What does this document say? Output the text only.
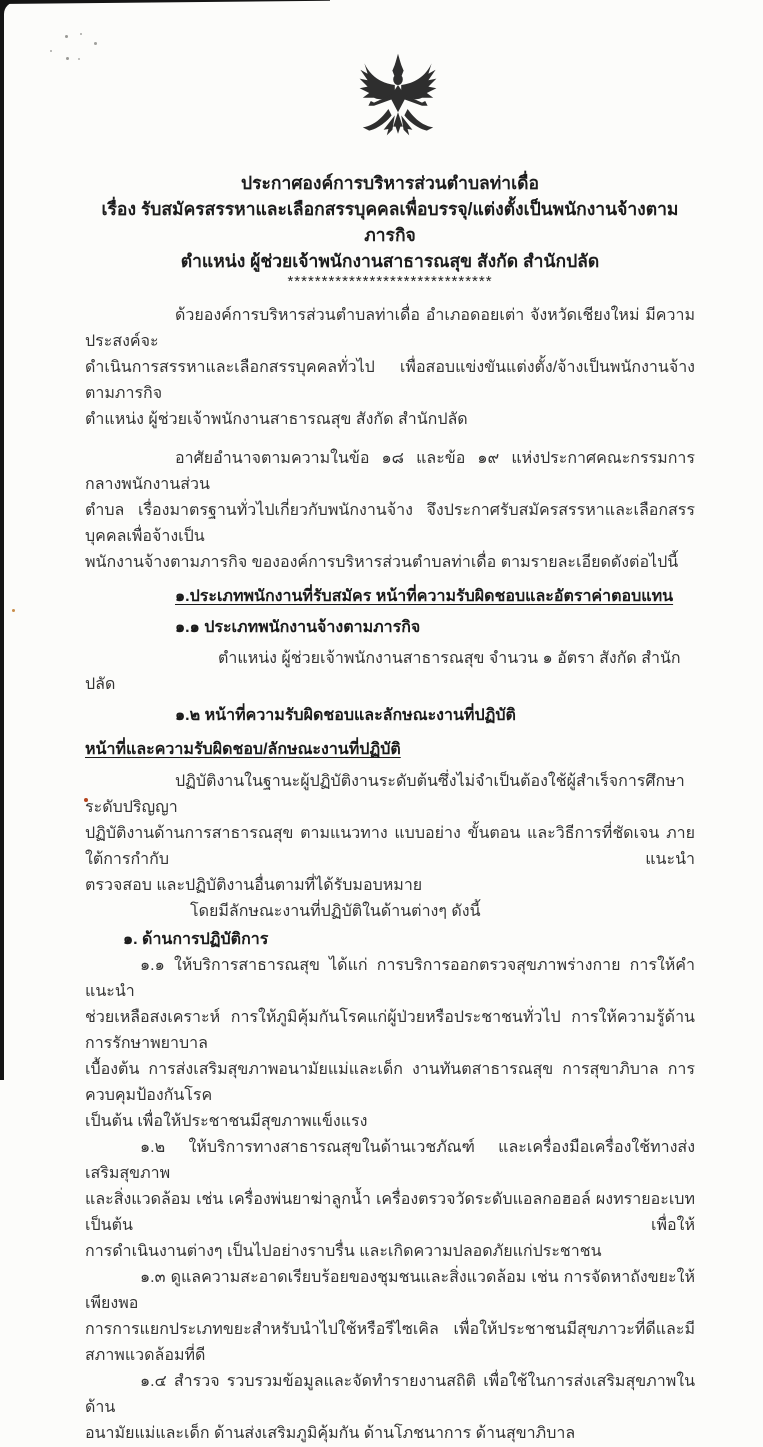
ประกาศองค์การบริหารส่วนตำบลท่าเดื่อ
เรื่อง รับสมัครสรรหาและเลือกสรรบุคคลเพื่อบรรจุ/แต่งตั้งเป็นพนักงานจ้างตามภารกิจ
ตำแหน่ง ผู้ช่วยเจ้าพนักงานสาธารณสุข สังกัด สำนักปลัด
******************************
ด้วยองค์การบริหารส่วนตำบลท่าเดื่อ อำเภอดอยเต่า จังหวัดเชียงใหม่ มีความประสงค์จะ
ดำเนินการสรรหาและเลือกสรรบุคคลทั่วไป เพื่อสอบแข่งขันแต่งตั้ง/จ้างเป็นพนักงานจ้างตามภารกิจ
ตำแหน่ง ผู้ช่วยเจ้าพนักงานสาธารณสุข สังกัด สำนักปลัด
อาศัยอำนาจตามความในข้อ ๑๘ และข้อ ๑๙ แห่งประกาศคณะกรรมการกลางพนักงานส่วน
ตำบล เรื่องมาตรฐานทั่วไปเกี่ยวกับพนักงานจ้าง จึงประกาศรับสมัครสรรหาและเลือกสรรบุคคลเพื่อจ้างเป็น
พนักงานจ้างตามภารกิจ ขององค์การบริหารส่วนตำบลท่าเดื่อ ตามรายละเอียดดังต่อไปนี้
๑.ประเภทพนักงานที่รับสมัคร หน้าที่ความรับผิดชอบและอัตราค่าตอบแทน
๑.๑ ประเภทพนักงานจ้างตามภารกิจ
ตำแหน่ง ผู้ช่วยเจ้าพนักงานสาธารณสุข จำนวน ๑ อัตรา สังกัด สำนักปลัด
๑.๒ หน้าที่ความรับผิดชอบและลักษณะงานที่ปฏิบัติ
หน้าที่และความรับผิดชอบ/ลักษณะงานที่ปฏิบัติ
ปฏิบัติงานในฐานะผู้ปฏิบัติงานระดับต้นซึ่งไม่จำเป็นต้องใช้ผู้สำเร็จการศึกษาระดับปริญญา
ปฏิบัติงานด้านการสาธารณสุข ตามแนวทาง แบบอย่าง ขั้นตอน และวิธีการที่ชัดเจน ภายใต้การกำกับ แนะนำ
ตรวจสอบ และปฏิบัติงานอื่นตามที่ได้รับมอบหมาย
โดยมีลักษณะงานที่ปฏิบัติในด้านต่างๆ ดังนี้
๑. ด้านการปฏิบัติการ
๑.๑ ให้บริการสาธารณสุข ได้แก่ การบริการออกตรวจสุขภาพร่างกาย การให้คำแนะนำ
ช่วยเหลือสงเคราะห์ การให้ภูมิคุ้มกันโรคแก่ผู้ป่วยหรือประชาชนทั่วไป การให้ความรู้ด้านการรักษาพยาบาล
เบื้องต้น การส่งเสริมสุขภาพอนามัยแม่และเด็ก งานทันตสาธารณสุข การสุขาภิบาล การควบคุมป้องกันโรค
เป็นต้น เพื่อให้ประชาชนมีสุขภาพแข็งแรง
๑.๒ ให้บริการทางสาธารณสุขในด้านเวชภัณฑ์ และเครื่องมือเครื่องใช้ทางส่งเสริมสุขภาพ
และสิ่งแวดล้อม เช่น เครื่องพ่นยาฆ่าลูกน้ำ เครื่องตรวจวัดระดับแอลกอฮอล์ ผงทรายอะเบท เป็นต้น เพื่อให้
การดำเนินงานต่างๆ เป็นไปอย่างราบรื่น และเกิดความปลอดภัยแก่ประชาชน
๑.๓ ดูแลความสะอาดเรียบร้อยของชุมชนและสิ่งแวดล้อม เช่น การจัดหาถังขยะให้เพียงพอ
การการแยกประเภทขยะสำหรับนำไปใช้หรือรีไซเคิล เพื่อให้ประชาชนมีสุขภาวะที่ดีและมีสภาพแวดล้อมที่ดี
๑.๔ สำรวจ รวบรวมข้อมูลและจัดทำรายงานสถิติ เพื่อใช้ในการส่งเสริมสุขภาพในด้าน
อนามัยแม่และเด็ก ด้านส่งเสริมภูมิคุ้มกัน ด้านโภชนาการ ด้านสุขาภิบาล
